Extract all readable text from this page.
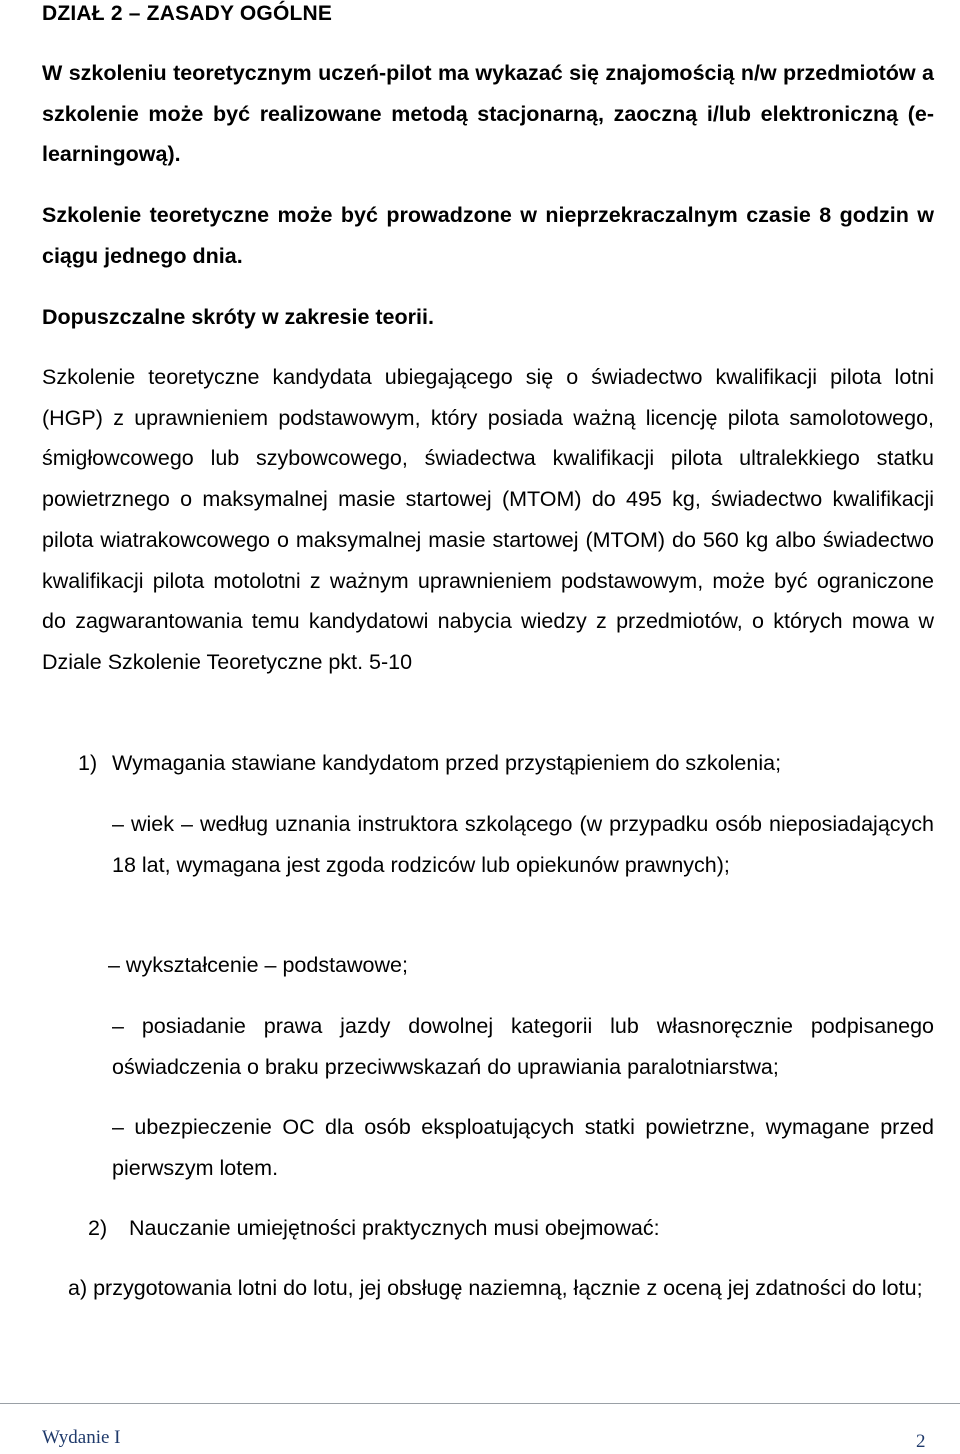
DZIAŁ 2 – ZASADY OGÓLNE
W szkoleniu teoretycznym uczeń-pilot ma wykazać się znajomością n/w przedmiotów a szkolenie może być realizowane metodą stacjonarną, zaoczną i/lub elektroniczną (e-learningową).
Szkolenie teoretyczne może być prowadzone w nieprzekraczalnym czasie 8 godzin w ciągu jednego dnia.
Dopuszczalne skróty w zakresie teorii.
Szkolenie teoretyczne kandydata ubiegającego się o świadectwo kwalifikacji pilota lotni (HGP) z uprawnieniem podstawowym, który posiada ważną licencję pilota samolotowego, śmigłowcowego lub szybowcowego, świadectwa kwalifikacji pilota ultralekkiego statku powietrznego o maksymalnej masie startowej (MTOM) do 495 kg, świadectwo kwalifikacji pilota wiatrakowcowego o maksymalnej masie startowej (MTOM) do 560 kg albo świadectwo kwalifikacji pilota motolotni z ważnym uprawnieniem podstawowym, może być ograniczone do zagwarantowania temu kandydatowi nabycia wiedzy z przedmiotów, o których mowa w Dziale Szkolenie Teoretyczne pkt. 5-10
1) Wymagania stawiane kandydatom przed przystąpieniem do szkolenia;
– wiek – według uznania instruktora szkolącego (w przypadku osób nieposiadających 18 lat, wymagana jest zgoda rodziców lub opiekunów prawnych);
– wykształcenie – podstawowe;
– posiadanie prawa jazdy dowolnej kategorii lub własnoręcznie podpisanego oświadczenia o braku przeciwwskazań do uprawiania paralotniarstwa;
– ubezpieczenie OC dla osób eksploatujących statki powietrzne, wymagane przed pierwszym lotem.
2) Nauczanie umiejętności praktycznych musi obejmować:
a) przygotowania lotni do lotu, jej obsługę naziemną, łącznie z oceną jej zdatności do lotu;
Wydanie I	2
